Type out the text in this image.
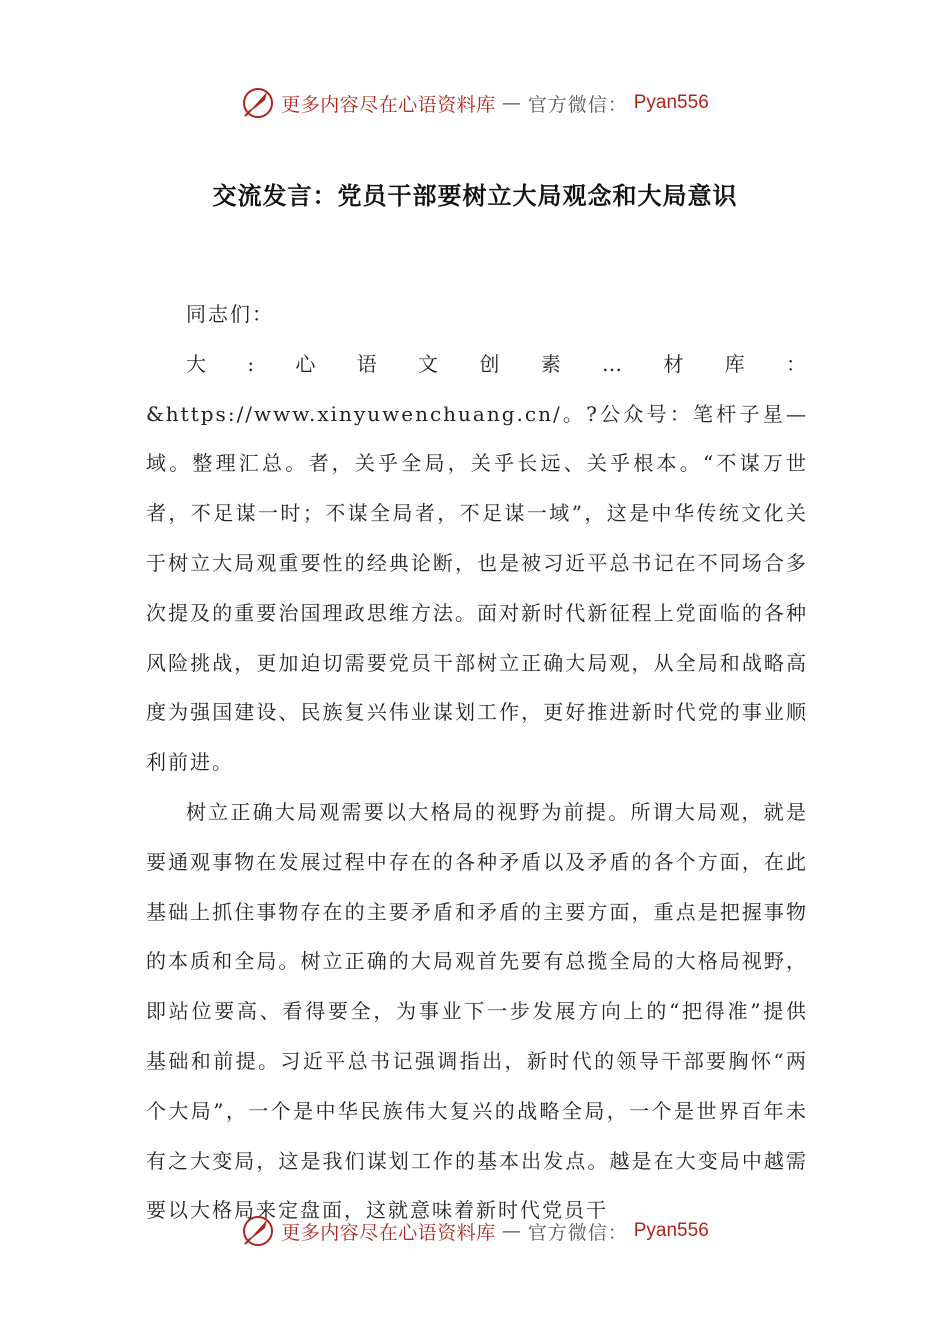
更多内容尽在心语资料库 — 官方微信： Pyan556
交流发言：党员干部要树立大局观念和大局意识

同志们：

大:心语文创素…材库：&https://www.xinyuwenchuang.cn/。?公众号：笔杆子星—域。整理汇总。者，关乎全局，关乎长远、关乎根本。“不谋万世者，不足谋一时；不谋全局者，不足谋一域”，这是中华传统文化关于树立大局观重要性的经典论断，也是被习近平总书记在不同场合多次提及的重要治国理政思维方法。面对新时代新征程上党面临的各种风险挑战，更加迫切需要党员干部树立正确大局观，从全局和战略高度为强国建设、民族复兴伟业谋划工作，更好推进新时代党的事业顺利前进。

树立正确大局观需要以大格局的视野为前提。所谓大局观，就是要通观事物在发展过程中存在的各种矛盾以及矛盾的各个方面，在此基础上抓住事物存在的主要矛盾和矛盾的主要方面，重点是把握事物的本质和全局。树立正确的大局观首先要有总揽全局的大格局视野，即站位要高、看得要全，为事业下一步发展方向上的“把得准”提供基础和前提。习近平总书记强调指出，新时代的领导干部要胸怀“两个大局”，一个是中华民族伟大复兴的战略全局，一个是世界百年未有之大变局，这是我们谋划工作的基本出发点。越是在大变局中越需要以大格局来定盘面，这就意味着新时代党员干

更多内容尽在心语资料库 — 官方微信： Pyan556
